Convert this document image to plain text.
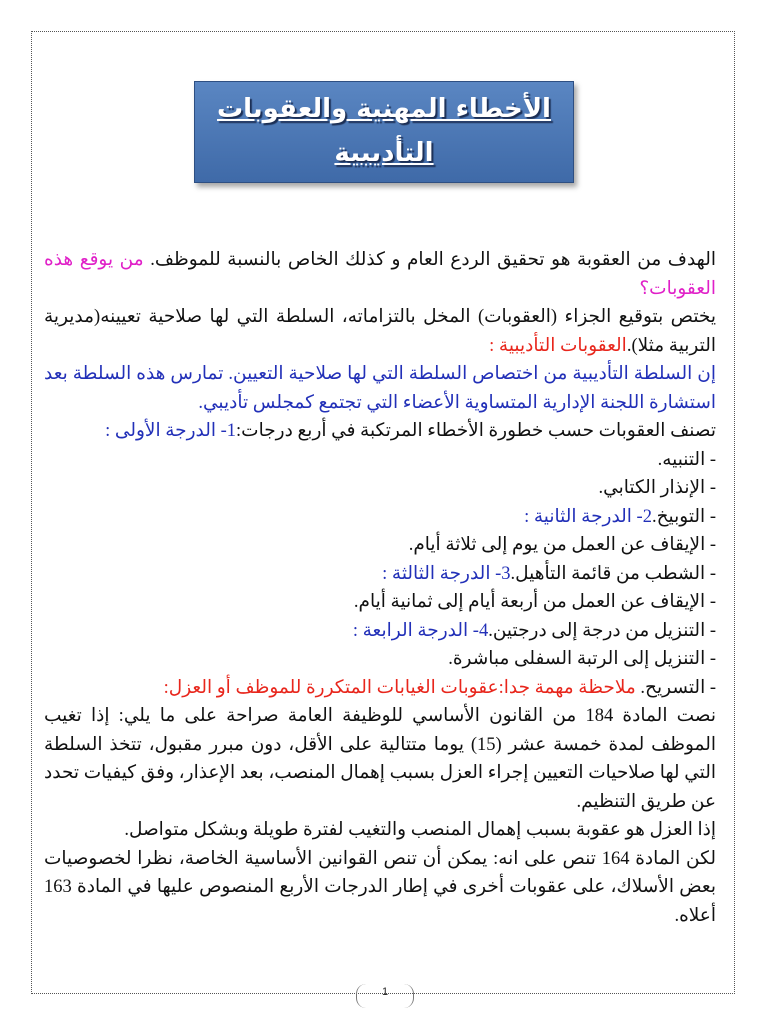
الأخطاء المهنية والعقوبات
التأديبية

الهدف من العقوبة هو تحقيق الردع العام و كذلك الخاص بالنسبة للموظف. من يوقع هذه العقوبات؟

يختص بتوقيع الجزاء (العقوبات) المخل بالتزاماته، السلطة التي لها صلاحية تعيينه(مديرية التربية مثلا).العقوبات التأديبية :

إن السلطة التأديبية من اختصاص السلطة التي لها صلاحية التعيين. تمارس هذه السلطة بعد استشارة اللجنة الإدارية المتساوية الأعضاء التي تجتمع كمجلس تأديبي.

تصنف العقوبات حسب خطورة الأخطاء المرتكبة في أربع درجات:1- الدرجة الأولى :

- التنبيه.

- الإنذار الكتابي.

- التوبيخ.2- الدرجة الثانية :

- الإيقاف عن العمل من يوم إلى ثلاثة أيام.

- الشطب من قائمة التأهيل.3- الدرجة الثالثة :

- الإيقاف عن العمل من أربعة أيام إلى ثمانية أيام.

- التنزيل من درجة إلى درجتين.4- الدرجة الرابعة :

- التنزيل إلى الرتبة السفلى مباشرة.

- التسريح. ملاحظة مهمة جدا:عقوبات الغيابات المتكررة للموظف أو العزل:

نصت المادة 184 من القانون الأساسي للوظيفة العامة صراحة على ما يلي: إذا تغيب الموظف لمدة خمسة عشر (15) يوما متتالية على الأقل، دون مبرر مقبول، تتخذ السلطة التي لها صلاحيات التعيين إجراء العزل بسبب إهمال المنصب، بعد الإعذار، وفق كيفيات تحدد عن طريق التنظيم.

إذا العزل هو عقوبة بسبب إهمال المنصب والتغيب لفترة طويلة وبشكل متواصل.

لكن المادة 164 تنص على انه: يمكن أن تنص القوانين الأساسية الخاصة، نظرا لخصوصيات بعض الأسلاك، على عقوبات أخرى في إطار الدرجات الأربع المنصوص عليها في المادة 163 أعلاه.

1
